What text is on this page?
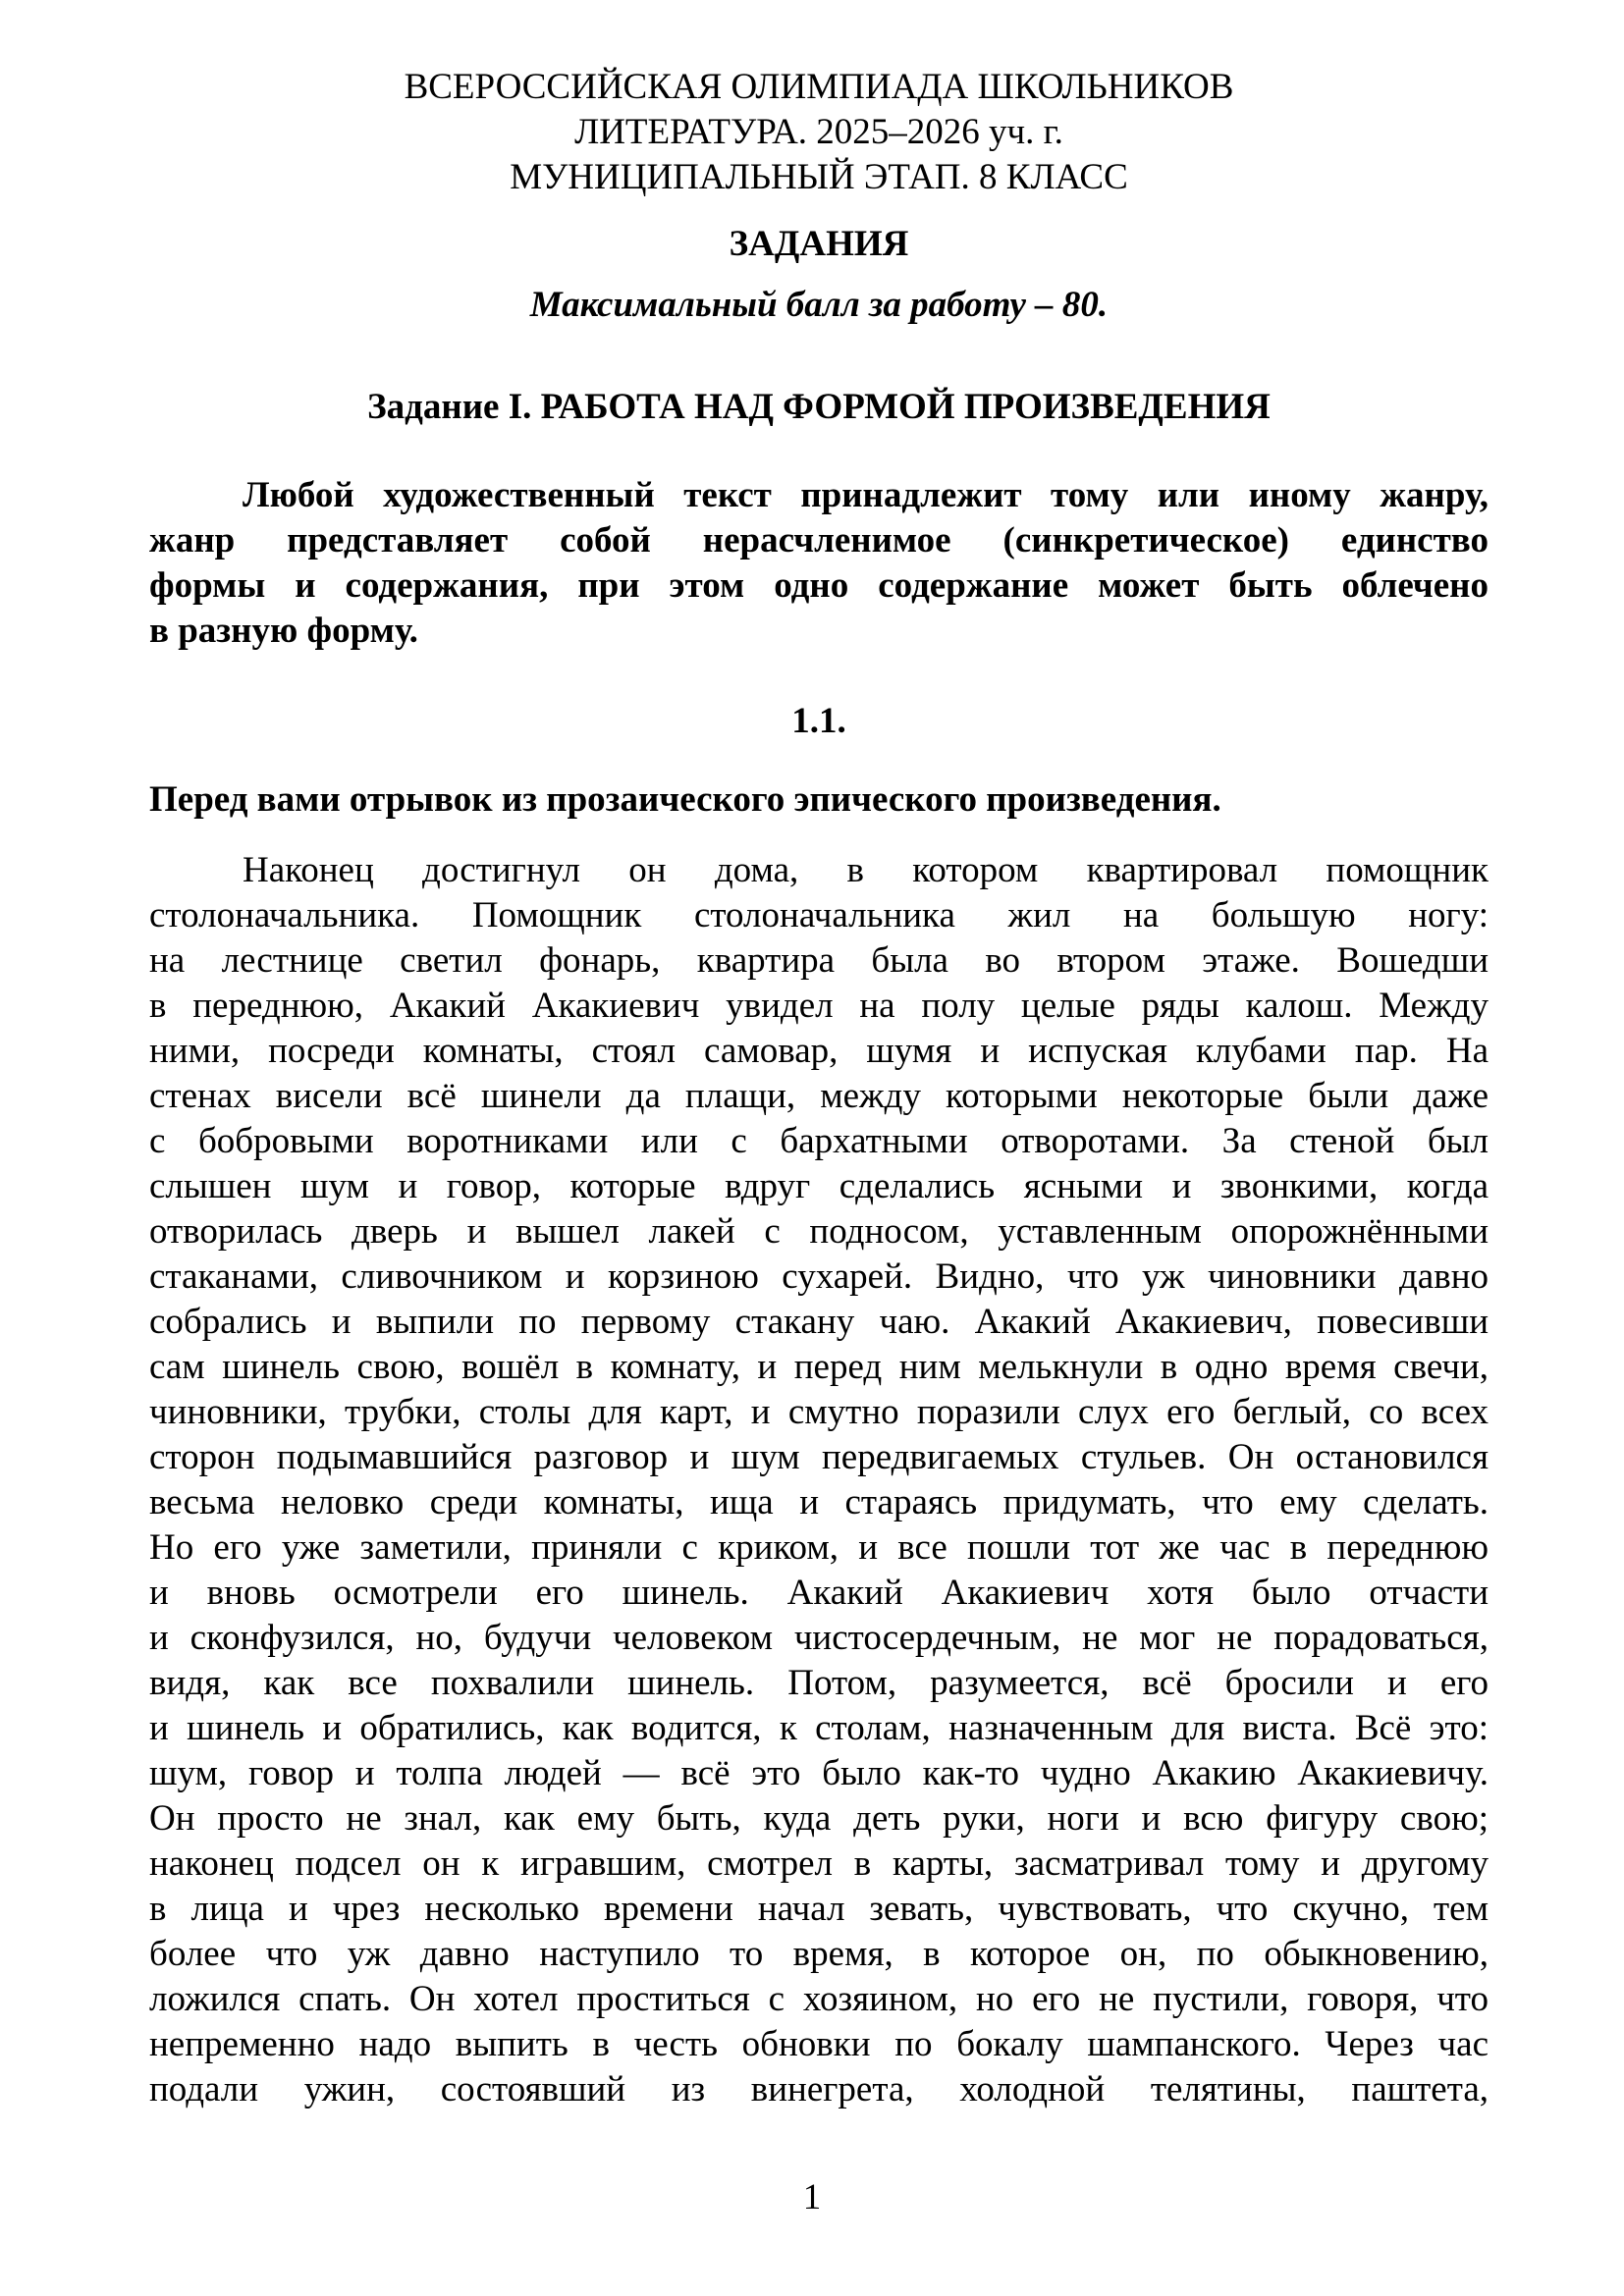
ВСЕРОССИЙСКАЯ ОЛИМПИАДА ШКОЛЬНИКОВ
ЛИТЕРАТУРА. 2025–2026 уч. г.
МУНИЦИПАЛЬНЫЙ ЭТАП. 8 КЛАСС
ЗАДАНИЯ
Максимальный балл за работу – 80.
Задание I. РАБОТА НАД ФОРМОЙ ПРОИЗВЕДЕНИЯ
Любой художественный текст принадлежит тому или иному жанру,
жанр представляет собой нерасчленимое (синкретическое) единство
формы и содержания, при этом одно содержание может быть облечено
в разную форму.
1.1.
Перед вами отрывок из прозаического эпического произведения.
Наконец достигнул он дома, в котором квартировал помощник
столоначальника. Помощник столоначальника жил на большую ногу:
на лестнице светил фонарь, квартира была во втором этаже. Вошедши
в переднюю, Акакий Акакиевич увидел на полу целые ряды калош. Между
ними, посреди комнаты, стоял самовар, шумя и испуская клубами пар. На
стенах висели всё шинели да плащи, между которыми некоторые были даже
с бобровыми воротниками или с бархатными отворотами. За стеной был
слышен шум и говор, которые вдруг сделались ясными и звонкими, когда
отворилась дверь и вышел лакей с подносом, уставленным опорожнёнными
стаканами, сливочником и корзиною сухарей. Видно, что уж чиновники давно
собрались и выпили по первому стакану чаю. Акакий Акакиевич, повесивши
сам шинель свою, вошёл в комнату, и перед ним мелькнули в одно время свечи,
чиновники, трубки, столы для карт, и смутно поразили слух его беглый, со всех
сторон подымавшийся разговор и шум передвигаемых стульев. Он остановился
весьма неловко среди комнаты, ища и стараясь придумать, что ему сделать.
Но его уже заметили, приняли с криком, и все пошли тот же час в переднюю
и вновь осмотрели его шинель. Акакий Акакиевич хотя было отчасти
и сконфузился, но, будучи человеком чистосердечным, не мог не порадоваться,
видя, как все похвалили шинель. Потом, разумеется, всё бросили и его
и шинель и обратились, как водится, к столам, назначенным для виста. Всё это:
шум, говор и толпа людей — всё это было как-то чудно Акакию Акакиевичу.
Он просто не знал, как ему быть, куда деть руки, ноги и всю фигуру свою;
наконец подсел он к игравшим, смотрел в карты, засматривал тому и другому
в лица и чрез несколько времени начал зевать, чувствовать, что скучно, тем
более что уж давно наступило то время, в которое он, по обыкновению,
ложился спать. Он хотел проститься с хозяином, но его не пустили, говоря, что
непременно надо выпить в честь обновки по бокалу шампанского. Через час
подали ужин, состоявший из винегрета, холодной телятины, паштета,
1
